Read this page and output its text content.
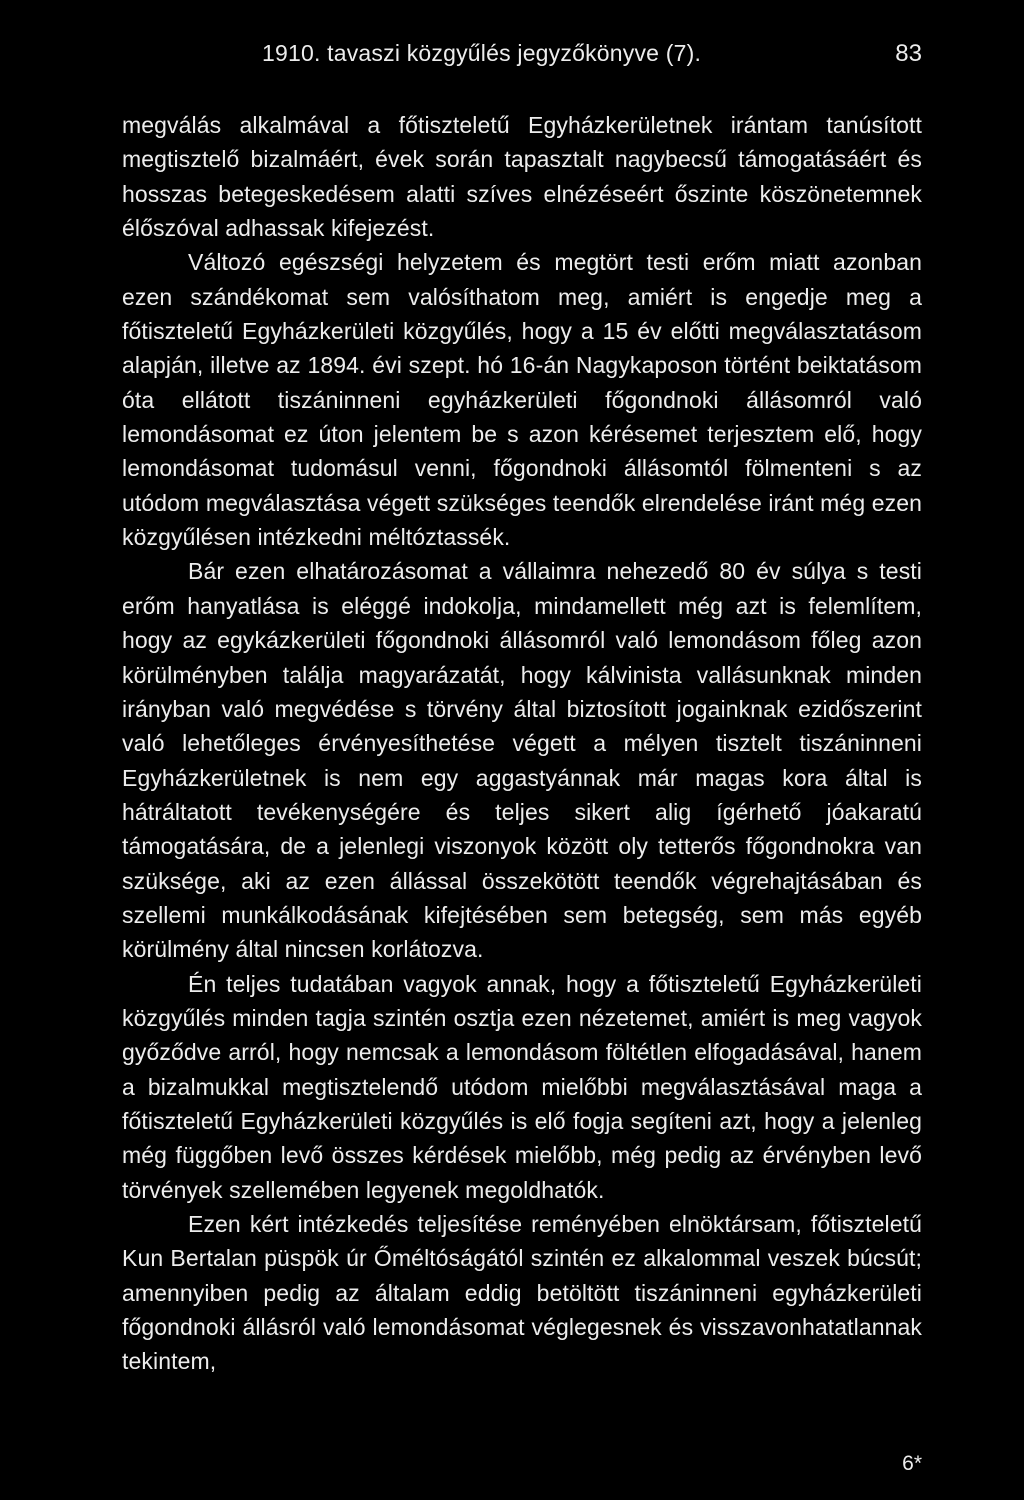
1910. tavaszi közgyűlés jegyzőkönyve (7).	83

megválás alkalmával a főtiszteletű Egyházkerületnek irántam tanúsított megtisztelő bizalmáért, évek során tapasztalt nagybecsű támogatásáért és hosszas betegeskedésem alatti szíves elnézéseért őszinte köszönetemnek élőszóval adhassak kifejezést.

Változó egészségi helyzetem és megtört testi erőm miatt azonban ezen szándékomat sem valósíthatom meg, amiért is engedje meg a főtiszteletű Egyházkerületi közgyűlés, hogy a 15 év előtti megválasztatásom alapján, illetve az 1894. évi szept. hó 16-án Nagykaposon történt beiktatásom óta ellátott tiszáninneni egyházkerületi főgondnoki állásomról való lemondásomat ez úton jelentem be s azon kérésemet terjesztem elő, hogy lemondásomat tudomásul venni, főgondnoki állásomtól fölmenteni s az utódom megválasztása végett szükséges teendők elrendelése iránt még ezen közgyűlésen intézkedni méltóztassék.

Bár ezen elhatározásomat a vállaimra nehezedő 80 év súlya s testi erőm hanyatlása is eléggé indokolja, mindamellett még azt is felemlítem, hogy az egykázkerületi főgondnoki állásomról való lemondásom főleg azon körülményben találja magyarázatát, hogy kálvinista vallásunknak minden irányban való megvédése s törvény által biztosított jogainknak ezidőszerint való lehetőleges érvényesíthetése végett a mélyen tisztelt tiszáninneni Egyházkerületnek is nem egy aggastyánnak már magas kora által is hátráltatott tevékenységére és teljes sikert alig ígérhető jóakaratú támogatására, de a jelenlegi viszonyok között oly tetterős főgondnokra van szüksége, aki az ezen állással összekötött teendők végrehajtásában és szellemi munkálkodásának kifejtésében sem betegség, sem más egyéb körülmény által nincsen korlátozva.

Én teljes tudatában vagyok annak, hogy a főtiszteletű Egyházkerületi közgyűlés minden tagja szintén osztja ezen nézetemet, amiért is meg vagyok győződve arról, hogy nemcsak a lemondásom föltétlen elfogadásával, hanem a bizalmukkal megtisztelendő utódom mielőbbi megválasztásával maga a főtiszteletű Egyházkerületi közgyűlés is elő fogja segíteni azt, hogy a jelenleg még függőben levő összes kérdések mielőbb, még pedig az érvényben levő törvények szellemében legyenek megoldhatók.

Ezen kért intézkedés teljesítése reményében elnöktársam, főtiszteletű Kun Bertalan püspök úr Őméltóságától szintén ez alkalommal veszek búcsút; amennyiben pedig az általam eddig betöltött tiszáninneni egyházkerületi főgondnoki állásról való lemondásomat véglegesnek és visszavonhatatlannak tekintem,

6*
